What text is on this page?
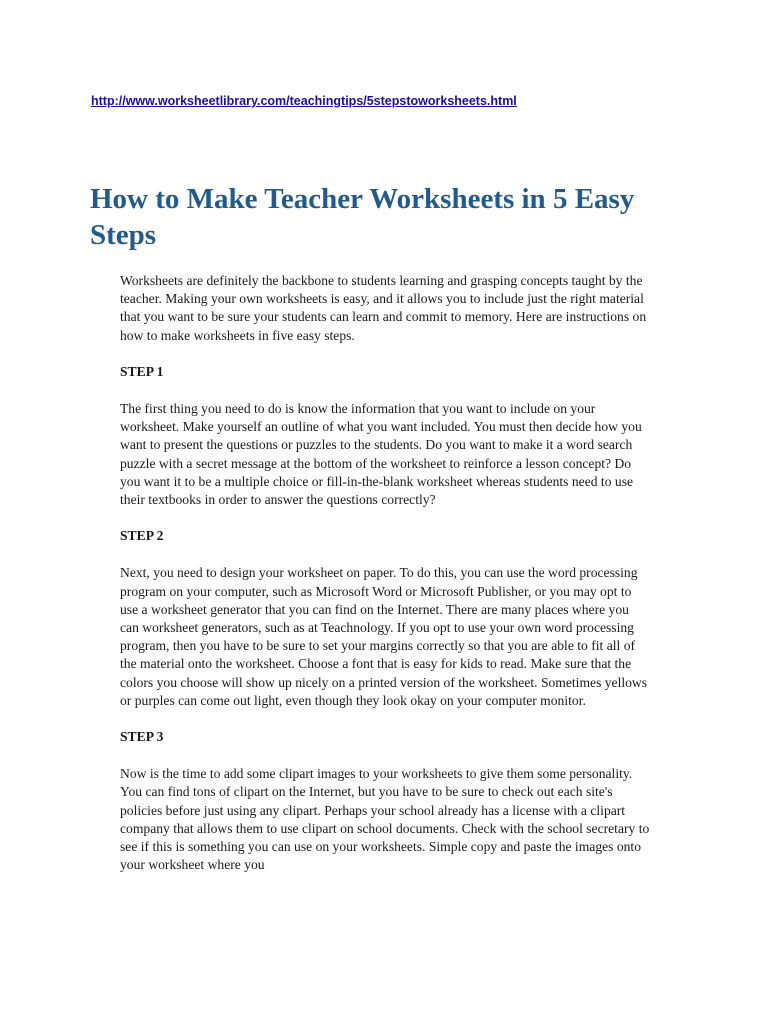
http://www.worksheetlibrary.com/teachingtips/5stepstoworksheets.html
How to Make Teacher Worksheets in 5 Easy Steps

Worksheets are definitely the backbone to students learning and grasping concepts taught by the teacher. Making your own worksheets is easy, and it allows you to include just the right material that you want to be sure your students can learn and commit to memory. Here are instructions on how to make worksheets in five easy steps.

STEP 1

The first thing you need to do is know the information that you want to include on your worksheet. Make yourself an outline of what you want included. You must then decide how you want to present the questions or puzzles to the students. Do you want to make it a word search puzzle with a secret message at the bottom of the worksheet to reinforce a lesson concept? Do you want it to be a multiple choice or fill-in-the-blank worksheet whereas students need to use their textbooks in order to answer the questions correctly?

STEP 2

Next, you need to design your worksheet on paper. To do this, you can use the word processing program on your computer, such as Microsoft Word or Microsoft Publisher, or you may opt to use a worksheet generator that you can find on the Internet. There are many places where you can worksheet generators, such as at Teachnology. If you opt to use your own word processing program, then you have to be sure to set your margins correctly so that you are able to fit all of the material onto the worksheet. Choose a font that is easy for kids to read. Make sure that the colors you choose will show up nicely on a printed version of the worksheet. Sometimes yellows or purples can come out light, even though they look okay on your computer monitor.

STEP 3

Now is the time to add some clipart images to your worksheets to give them some personality. You can find tons of clipart on the Internet, but you have to be sure to check out each site's policies before just using any clipart. Perhaps your school already has a license with a clipart company that allows them to use clipart on school documents. Check with the school secretary to see if this is something you can use on your worksheets. Simple copy and paste the images onto your worksheet where you
